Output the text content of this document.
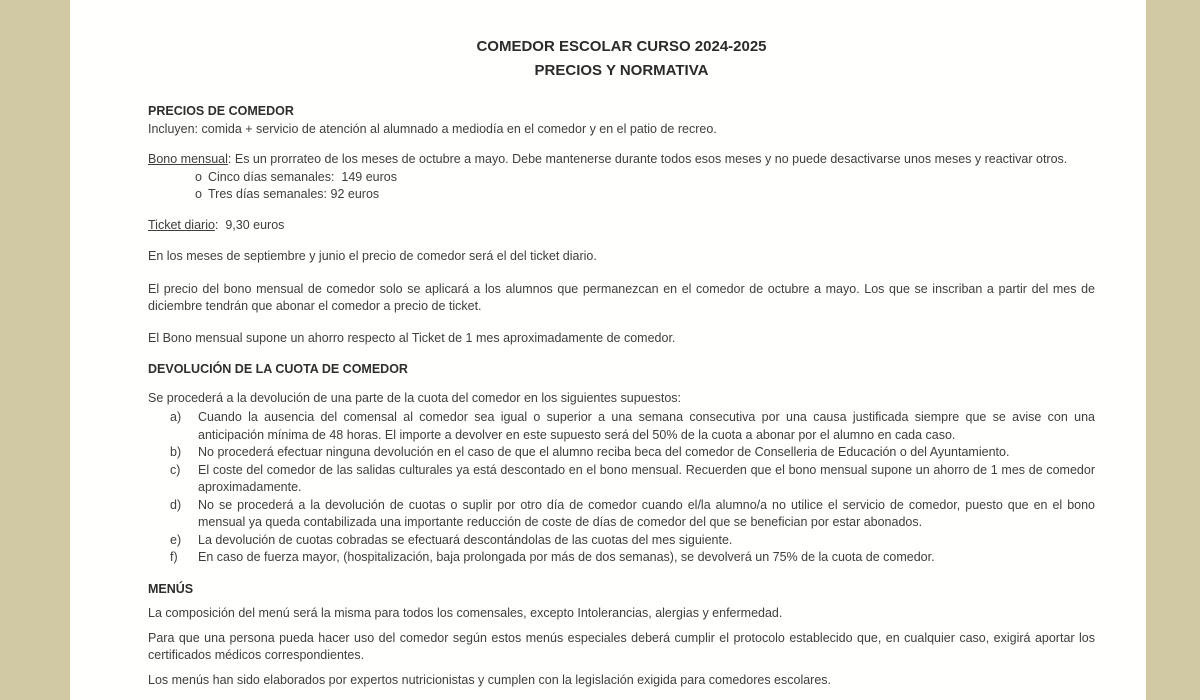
COMEDOR ESCOLAR CURSO 2024-2025
PRECIOS Y NORMATIVA

PRECIOS DE COMEDOR

Incluyen: comida + servicio de atención al alumnado a mediodía en el comedor y en el patio de recreo.

Bono mensual: Es un prorrateo de los meses de octubre a mayo. Debe mantenerse durante todos esos meses y no puede desactivarse unos meses y reactivar otros.

o Cinco días semanales:  149 euros
o Tres días semanales: 92 euros

Ticket diario:  9,30 euros

En los meses de septiembre y junio el precio de comedor será el del ticket diario.

El precio del bono mensual de comedor solo se aplicará a los alumnos que permanezcan en el comedor de octubre a mayo. Los que se inscriban a partir del mes de diciembre tendrán que abonar el comedor a precio de ticket.

El Bono mensual supone un ahorro respecto al Ticket de 1 mes aproximadamente de comedor.

DEVOLUCIÓN DE LA CUOTA DE COMEDOR

Se procederá a la devolución de una parte de la cuota del comedor en los siguientes supuestos:

a)	Cuando la ausencia del comensal al comedor sea igual o superior a una semana consecutiva por una causa justificada siempre que se avise con una anticipación mínima de 48 horas. El importe a devolver en este supuesto será del 50% de la cuota a abonar por el alumno en cada caso.
b)	No procederá efectuar ninguna devolución en el caso de que el alumno reciba beca del comedor de Conselleria de Educación o del Ayuntamiento.
c)	El coste del comedor de las salidas culturales ya está descontado en el bono mensual. Recuerden que el bono mensual supone un ahorro de 1 mes de comedor aproximadamente.
d)	No se procederá a la devolución de cuotas o suplir por otro día de comedor cuando el/la alumno/a no utilice el servicio de comedor, puesto que en el bono mensual ya queda contabilizada una importante reducción de coste de días de comedor del que se benefician por estar abonados.
e)	La devolución de cuotas cobradas se efectuará descontándolas de las cuotas del mes siguiente.
f)	En caso de fuerza mayor, (hospitalización, baja prolongada por más de dos semanas), se devolverá un 75% de la cuota de comedor.

MENÚS

La composición del menú será la misma para todos los comensales, excepto Intolerancias, alergias y enfermedad.

Para que una persona pueda hacer uso del comedor según estos menús especiales deberá cumplir el protocolo establecido que, en cualquier caso, exigirá aportar los certificados médicos correspondientes.

Los menús han sido elaborados por expertos nutricionistas y cumplen con la legislación exigida para comedores escolares.
